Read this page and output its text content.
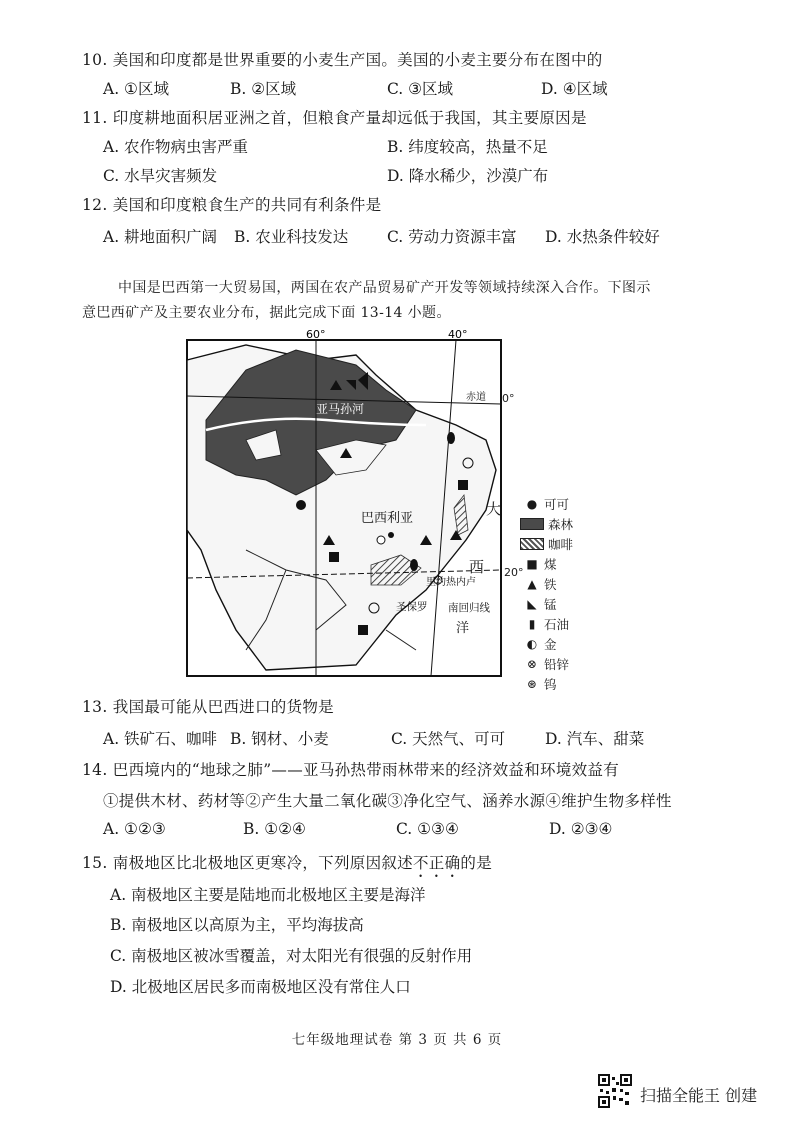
10. 美国和印度都是世界重要的小麦生产国。美国的小麦主要分布在图中的
A. ①区域	B. ②区域	C. ③区域	D. ④区域
11. 印度耕地面积居亚洲之首，但粮食产量却远低于我国，其主要原因是
A. 农作物病虫害严重	B. 纬度较高，热量不足
C. 水旱灾害频发	D. 降水稀少，沙漠广布
12. 美国和印度粮食生产的共同有利条件是
A. 耕地面积广阔 B. 农业科技发达	C. 劳动力资源丰富 D. 水热条件较好
中国是巴西第一大贸易国，两国在农产品贸易矿产开发等领域持续深入合作。下图示
意巴西矿产及主要农业分布，据此完成下面 13-14 小题。
60°	40°
赤道
亚马孙河
巴西利亚
里约热内卢
圣保罗 南回归线
洋
0°
20°
大
西
● 可可
森林
咖啡
■ 煤
▲ 铁
◣ 锰
▮ 石油
◐ 金
⊗ 铅锌
⊛ 钨
13. 我国最可能从巴西进口的货物是
A. 铁矿石、咖啡 B. 钢材、小麦	C. 天然气、可可	D. 汽车、甜菜
14. 巴西境内的“地球之肺”——亚马孙热带雨林带来的经济效益和环境效益有
①提供木材、药材等②产生大量二氧化碳③净化空气、涵养水源④维护生物多样性
A. ①②③	B. ①②④	C. ①③④	D. ②③④
15. 南极地区比北极地区更寒冷，下列原因叙述不正确的是
A. 南极地区主要是陆地而北极地区主要是海洋
B. 南极地区以高原为主，平均海拔高
C. 南极地区被冰雪覆盖，对太阳光有很强的反射作用
D. 北极地区居民多而南极地区没有常住人口
七年级地理试卷 第 3 页 共 6 页
扫描全能王 创建
